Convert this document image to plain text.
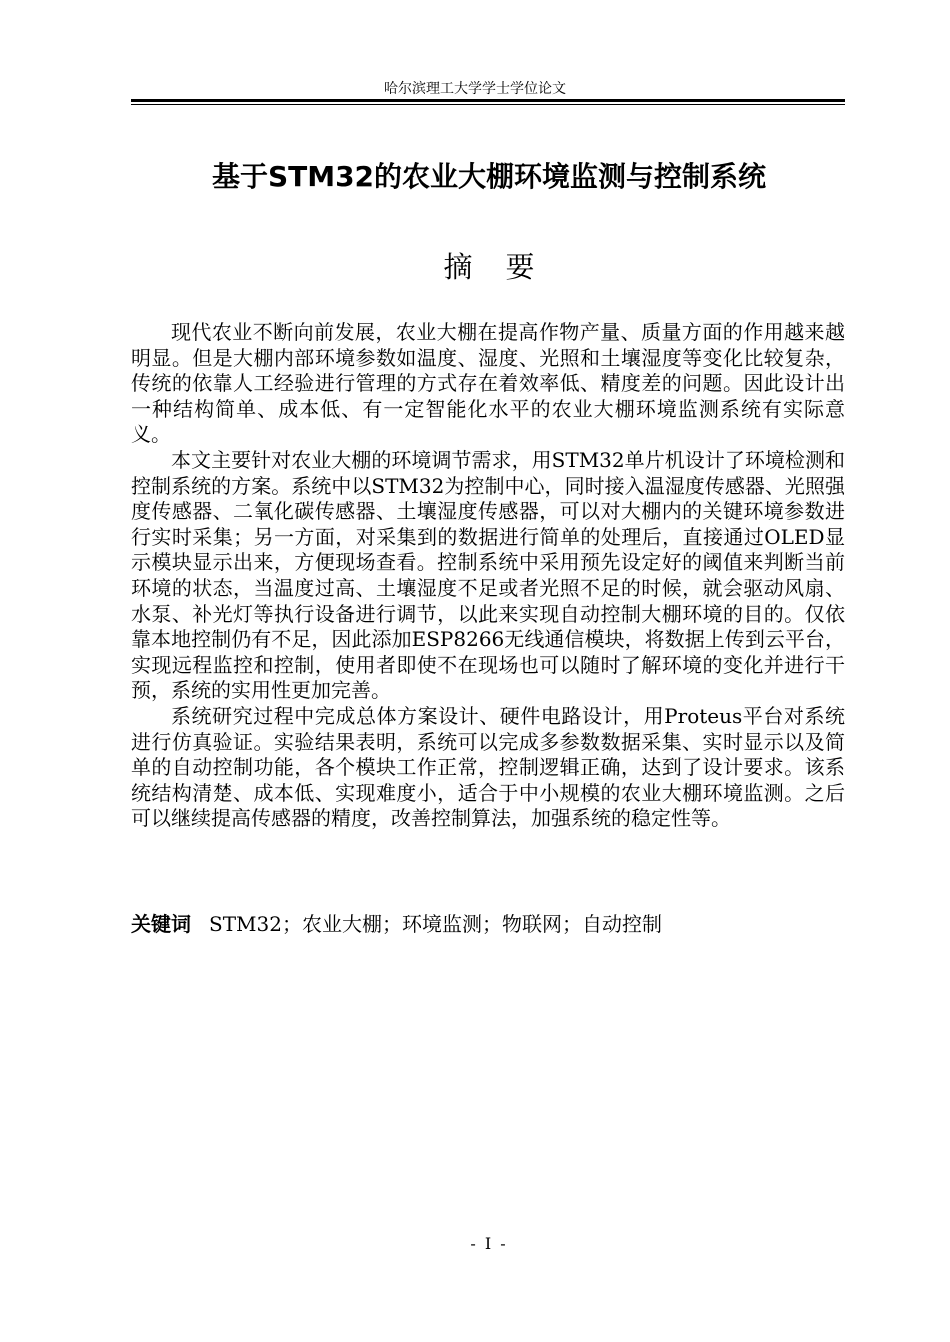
哈尔滨理工大学学士学位论文
基于STM32的农业大棚环境监测与控制系统
摘要

现代农业不断向前发展，农业大棚在提高作物产量、质量方面的作用越来越明显。但是大棚内部环境参数如温度、湿度、光照和土壤湿度等变化比较复杂，传统的依靠人工经验进行管理的方式存在着效率低、精度差的问题。因此设计出一种结构简单、成本低、有一定智能化水平的农业大棚环境监测系统有实际意义。

本文主要针对农业大棚的环境调节需求，用STM32单片机设计了环境检测和控制系统的方案。系统中以STM32为控制中心，同时接入温湿度传感器、光照强度传感器、二氧化碳传感器、土壤湿度传感器，可以对大棚内的关键环境参数进行实时采集；另一方面，对采集到的数据进行简单的处理后，直接通过OLED显示模块显示出来，方便现场查看。控制系统中采用预先设定好的阈值来判断当前环境的状态，当温度过高、土壤湿度不足或者光照不足的时候，就会驱动风扇、水泵、补光灯等执行设备进行调节，以此来实现自动控制大棚环境的目的。仅依靠本地控制仍有不足，因此添加ESP8266无线通信模块，将数据上传到云平台，实现远程监控和控制，使用者即使不在现场也可以随时了解环境的变化并进行干预，系统的实用性更加完善。

系统研究过程中完成总体方案设计、硬件电路设计，用Proteus平台对系统进行仿真验证。实验结果表明，系统可以完成多参数数据采集、实时显示以及简单的自动控制功能，各个模块工作正常，控制逻辑正确，达到了设计要求。该系统结构清楚、成本低、实现难度小，适合于中小规模的农业大棚环境监测。之后可以继续提高传感器的精度，改善控制算法，加强系统的稳定性等。

关键词 STM32；农业大棚；环境监测；物联网；自动控制
- I -
